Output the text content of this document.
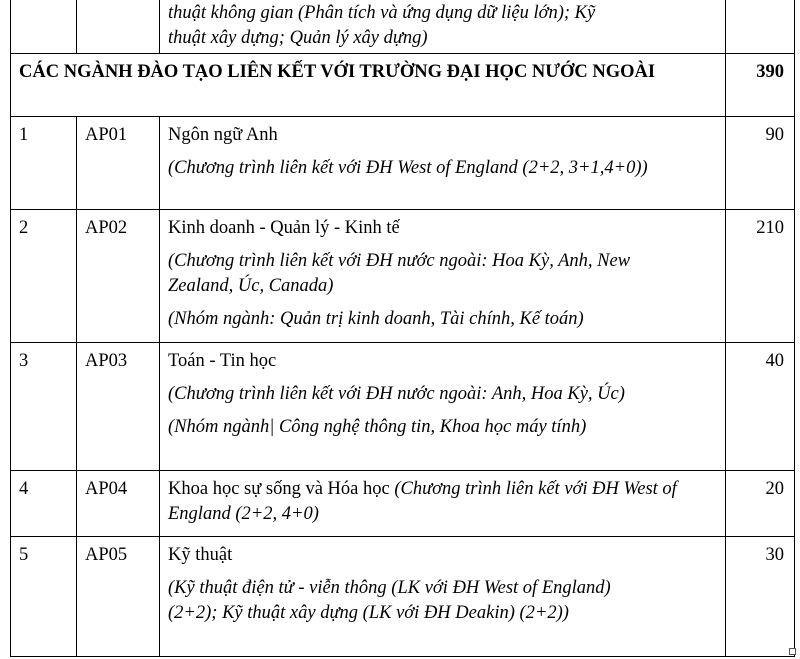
		thuật không gian (Phân tích và ứng dụng dữ liệu lớn); Kỹ
thuật xây dựng; Quản lý xây dựng)	

CÁC NGÀNH ĐÀO TẠO LIÊN KẾT VỚI TRƯỜNG ĐẠI HỌC NƯỚC NGOÀI			390
1	AP01	Ngôn ngữ Anh
(Chương trình liên kết với ĐH West of England (2+2, 3+1,4+0))	90
2	AP02	Kinh doanh - Quản lý - Kinh tế
(Chương trình liên kết với ĐH nước ngoài: Hoa Kỳ, Anh, New Zealand, Úc, Canada)
(Nhóm ngành: Quản trị kinh doanh, Tài chính, Kế toán)	210
3	AP03	Toán - Tin học
(Chương trình liên kết với ĐH nước ngoài: Anh, Hoa Kỳ, Úc)
(Nhóm ngành| Công nghệ thông tin, Khoa học máy tính)	40
4	AP04	Khoa học sự sống và Hóa học (Chương trình liên kết với ĐH West of England (2+2, 4+0)	20
5	AP05	Kỹ thuật
(Kỹ thuật điện tử - viễn thông (LK với ĐH West of England) (2+2); Kỹ thuật xây dựng (LK với ĐH Deakin) (2+2))	30
